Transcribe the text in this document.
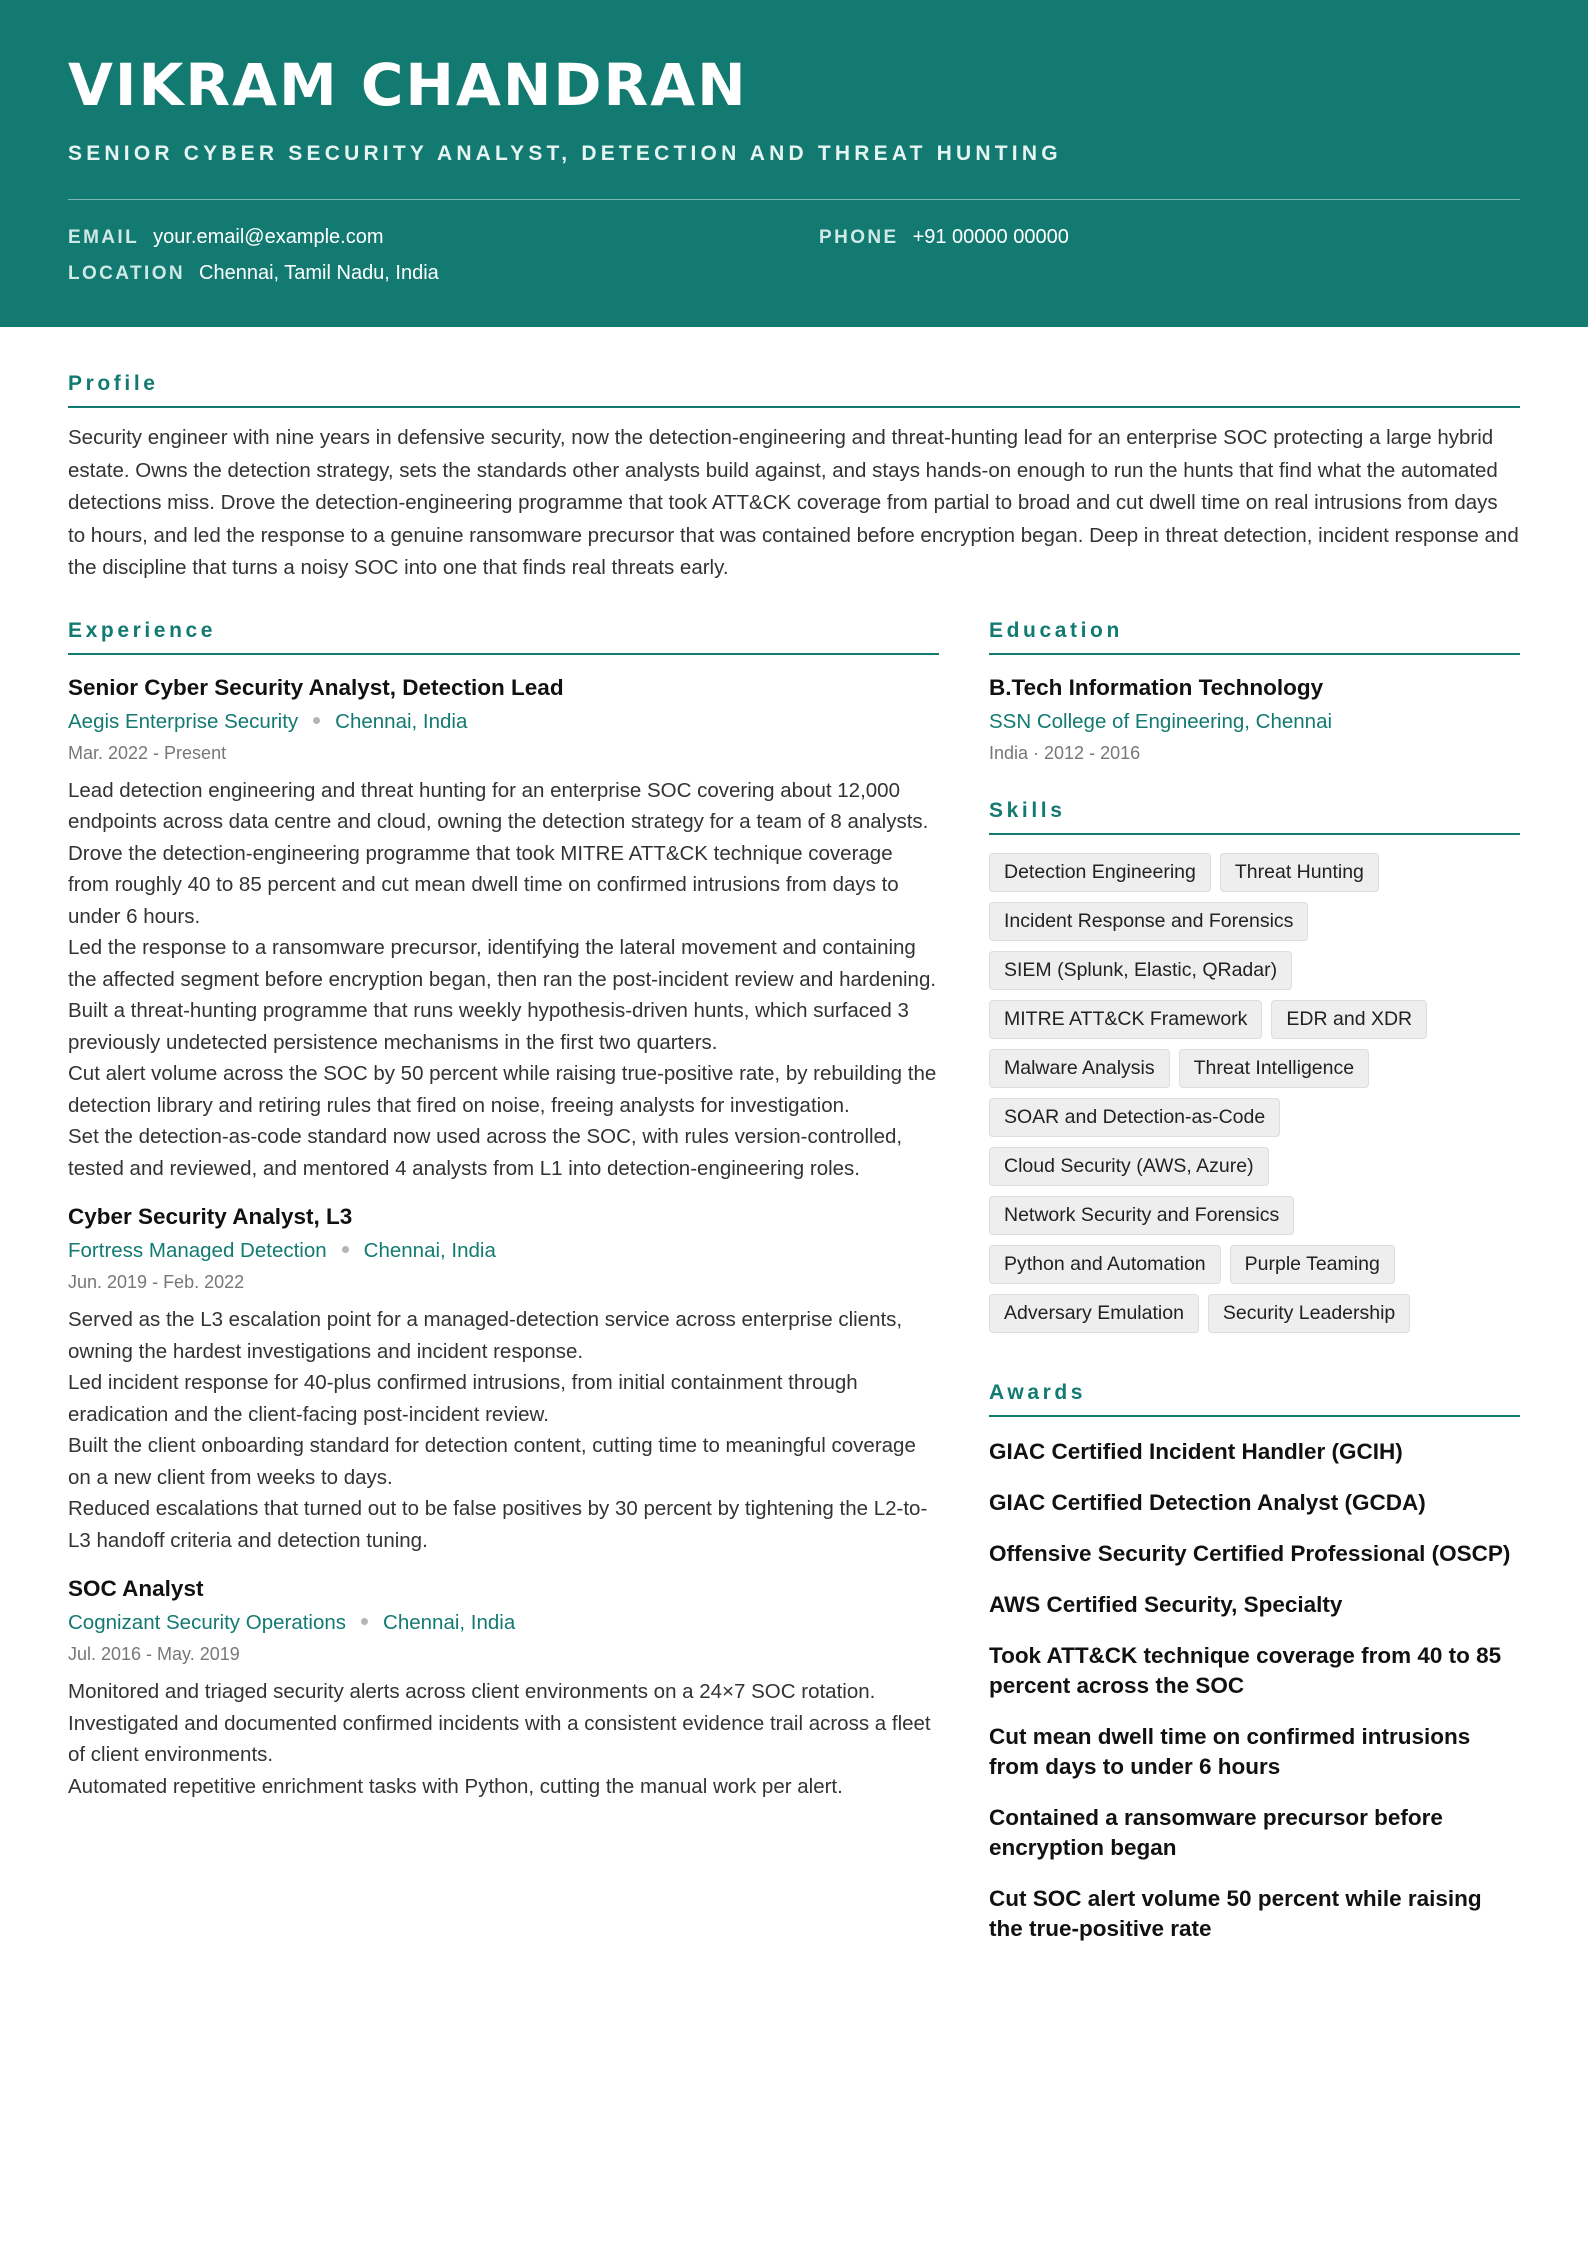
VIKRAM CHANDRAN
SENIOR CYBER SECURITY ANALYST, DETECTION AND THREAT HUNTING
EMAIL your.email@example.com	PHONE +91 00000 00000
LOCATION Chennai, Tamil Nadu, India
Profile
Security engineer with nine years in defensive security, now the detection-engineering and threat-hunting lead for an enterprise SOC protecting a large hybrid estate. Owns the detection strategy, sets the standards other analysts build against, and stays hands-on enough to run the hunts that find what the automated detections miss. Drove the detection-engineering programme that took ATT&CK coverage from partial to broad and cut dwell time on real intrusions from days to hours, and led the response to a genuine ransomware precursor that was contained before encryption began. Deep in threat detection, incident response and the discipline that turns a noisy SOC into one that finds real threats early.
Experience
Senior Cyber Security Analyst, Detection Lead
Aegis Enterprise Security Chennai, India
Mar. 2022 - Present
Lead detection engineering and threat hunting for an enterprise SOC covering about 12,000 endpoints across data centre and cloud, owning the detection strategy for a team of 8 analysts.
Drove the detection-engineering programme that took MITRE ATT&CK technique coverage from roughly 40 to 85 percent and cut mean dwell time on confirmed intrusions from days to under 6 hours.
Led the response to a ransomware precursor, identifying the lateral movement and containing the affected segment before encryption began, then ran the post-incident review and hardening.
Built a threat-hunting programme that runs weekly hypothesis-driven hunts, which surfaced 3 previously undetected persistence mechanisms in the first two quarters.
Cut alert volume across the SOC by 50 percent while raising true-positive rate, by rebuilding the detection library and retiring rules that fired on noise, freeing analysts for investigation.
Set the detection-as-code standard now used across the SOC, with rules version-controlled, tested and reviewed, and mentored 4 analysts from L1 into detection-engineering roles.
Cyber Security Analyst, L3
Fortress Managed Detection Chennai, India
Jun. 2019 - Feb. 2022
Served as the L3 escalation point for a managed-detection service across enterprise clients, owning the hardest investigations and incident response.
Led incident response for 40-plus confirmed intrusions, from initial containment through eradication and the client-facing post-incident review.
Built the client onboarding standard for detection content, cutting time to meaningful coverage on a new client from weeks to days.
Reduced escalations that turned out to be false positives by 30 percent by tightening the L2-to-L3 handoff criteria and detection tuning.
SOC Analyst
Cognizant Security Operations Chennai, India
Jul. 2016 - May. 2019
Monitored and triaged security alerts across client environments on a 24×7 SOC rotation.
Investigated and documented confirmed incidents with a consistent evidence trail across a fleet of client environments.
Automated repetitive enrichment tasks with Python, cutting the manual work per alert.
Education
B.Tech Information Technology
SSN College of Engineering, Chennai
India · 2012 - 2016
Skills
Detection Engineering	Threat Hunting
Incident Response and Forensics
SIEM (Splunk, Elastic, QRadar)
MITRE ATT&CK Framework	EDR and XDR
Malware Analysis	Threat Intelligence
SOAR and Detection-as-Code
Cloud Security (AWS, Azure)
Network Security and Forensics
Python and Automation	Purple Teaming
Adversary Emulation	Security Leadership
Awards
GIAC Certified Incident Handler (GCIH)
GIAC Certified Detection Analyst (GCDA)
Offensive Security Certified Professional (OSCP)
AWS Certified Security, Specialty
Took ATT&CK technique coverage from 40 to 85 percent across the SOC
Cut mean dwell time on confirmed intrusions from days to under 6 hours
Contained a ransomware precursor before encryption began
Cut SOC alert volume 50 percent while raising the true-positive rate
